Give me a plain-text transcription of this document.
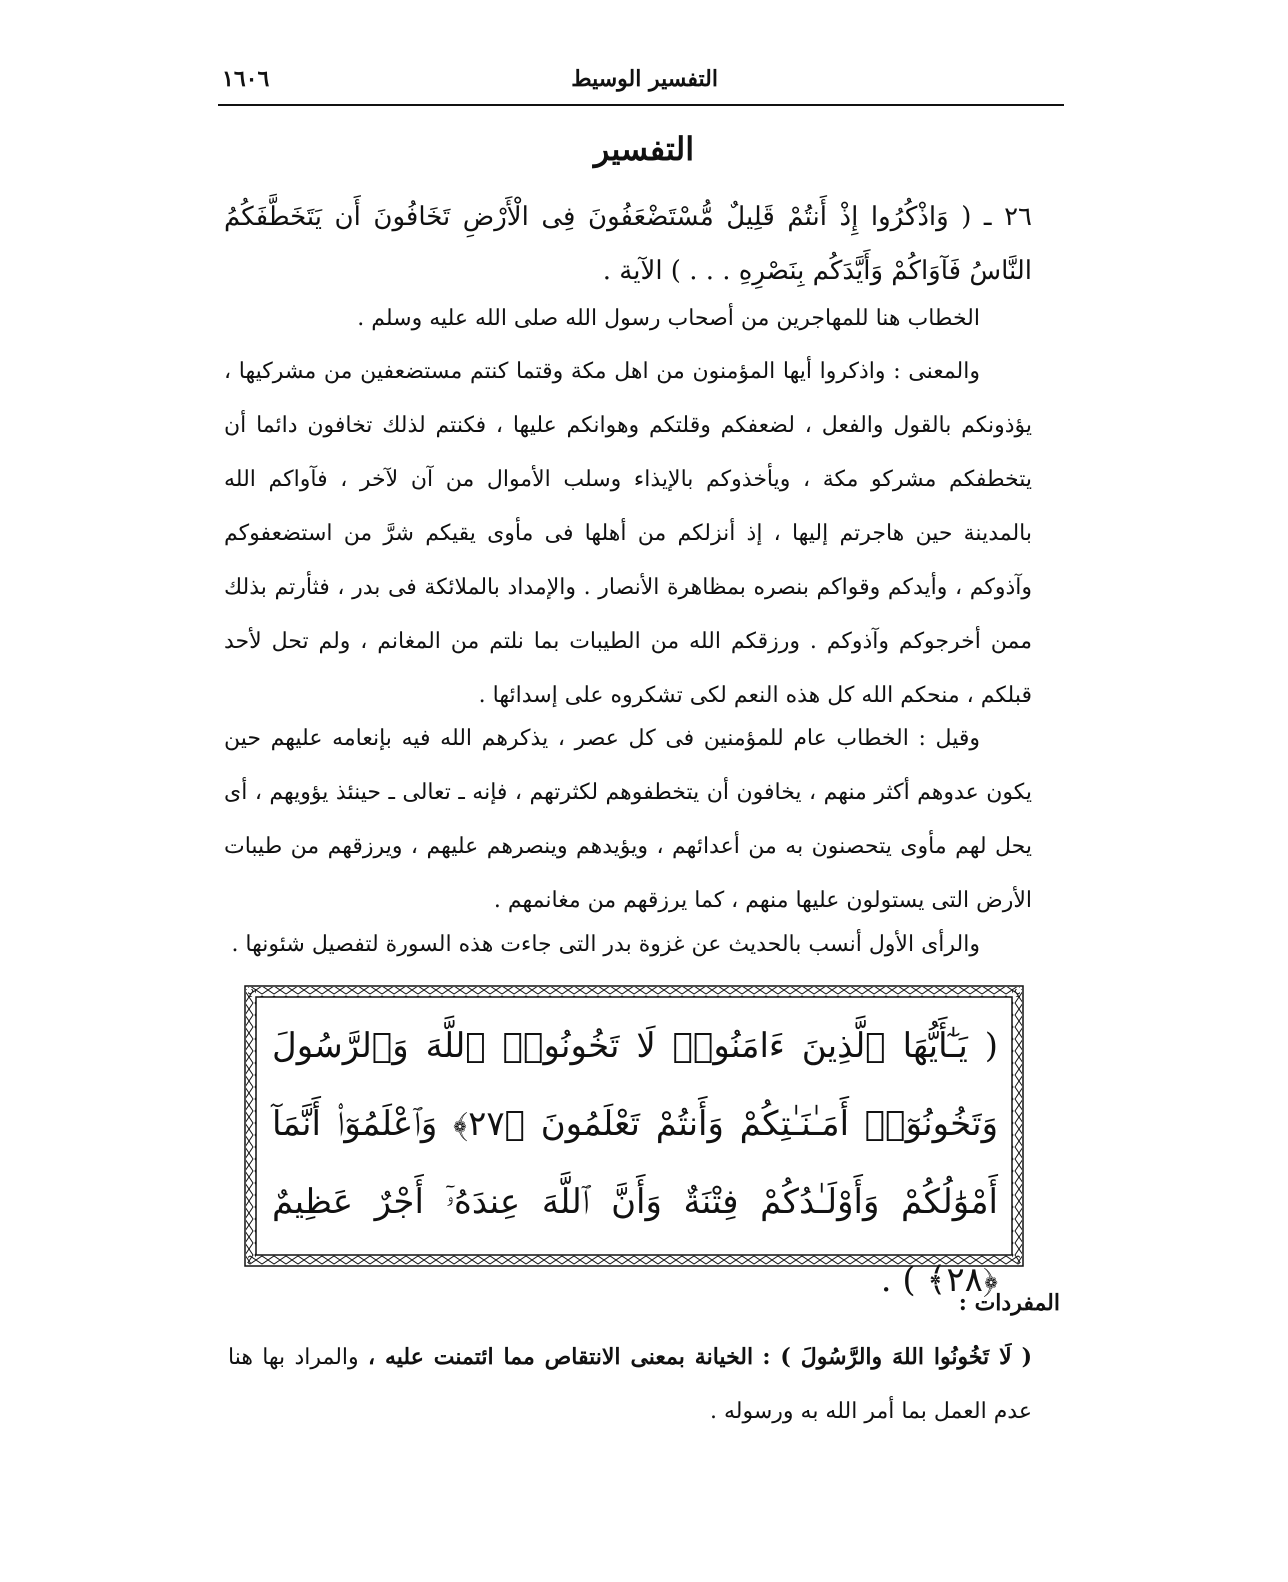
التفسير الوسيط
١٦٠٦
التفسير
٢٦ ـ ( وَاذْكُرُوا إِذْ أَنتُمْ قَلِيلٌ مُّسْتَضْعَفُونَ فِى الْأَرْضِ تَخَافُونَ أَن يَتَخَطَّفَكُمُ النَّاسُ فَآوَاكُمْ وَأَيَّدَكُم بِنَصْرِهِ . . . ) الآية .

الخطاب هنا للمهاجرين من أصحاب رسول الله صلى الله عليه وسلم .

والمعنى : واذكروا أيها المؤمنون من اهل مكة وقتما كنتم مستضعفين من مشركيها ، يؤذونكم بالقول والفعل ، لضعفكم وقلتكم وهوانكم عليها ، فكنتم لذلك تخافون دائما أن يتخطفكم مشركو مكة ، ويأخذوكم بالإيذاء وسلب الأموال من آن لآخر ، فآواكم الله بالمدينة حين هاجرتم إليها ، إذ أنزلكم من أهلها فى مأوى يقيكم شرَّ من استضعفوكم وآذوكم ، وأيدكم وقواكم بنصره بمظاهرة الأنصار . والإمداد بالملائكة فى بدر ، فثأرتم بذلك ممن أخرجوكم وآذوكم . ورزقكم الله من الطيبات بما نلتم من المغانم ، ولم تحل لأحد قبلكم ، منحكم الله كل هذه النعم لكى تشكروه على إسدائها .

وقيل : الخطاب عام للمؤمنين فى كل عصر ، يذكرهم الله فيه بإنعامه عليهم حين يكون عدوهم أكثر منهم ، يخافون أن يتخطفوهم لكثرتهم ، فإنه ـ تعالى ـ حينئذ يؤويهم ، أى يحل لهم مأوى يتحصنون به من أعدائهم ، ويؤيدهم وينصرهم عليهم ، ويرزقهم من طيبات الأرض التى يستولون عليها منهم ، كما يرزقهم من مغانمهم .

والرأى الأول أنسب بالحديث عن غزوة بدر التى جاءت هذه السورة لتفصيل شئونها .

( يَـٰٓأَيُّهَا ٱلَّذِينَ ءَامَنُوا۟ لَا تَخُونُوا۟ ٱللَّهَ وَٱلرَّسُولَ وَتَخُونُوٓا۟ أَمَـٰنَـٰتِكُمْ وَأَنتُمْ تَعْلَمُونَ ﴿٢٧﴾ وَٱعْلَمُوٓا۟ أَنَّمَآ أَمْوَٰلُكُمْ وَأَوْلَـٰدُكُمْ فِتْنَةٌ وَأَنَّ ٱللَّهَ عِندَهُۥٓ أَجْرٌ عَظِيمٌ ﴿٢٨﴾ ) .
المفردات :
( لَا تَخُونُوا اللهَ والرَّسُولَ ) : الخيانة بمعنى الانتقاص مما ائتمنت عليه ، والمراد بها هنا عدم العمل بما أمر الله به ورسوله .
